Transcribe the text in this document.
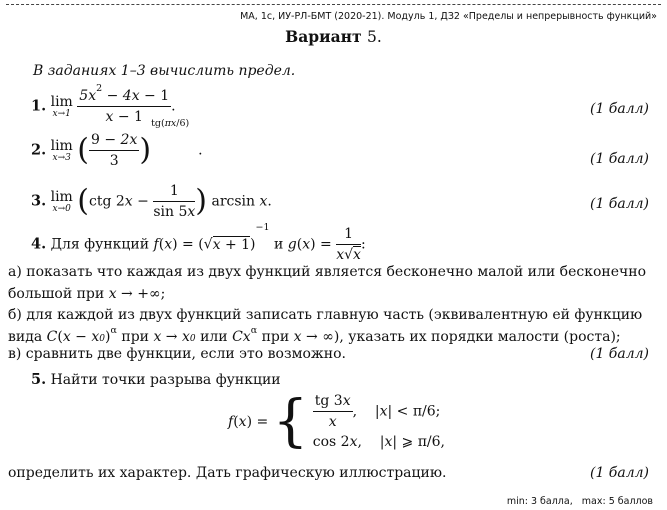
МА, 1с, ИУ-РЛ-БМТ (2020-21). Модуль 1, ДЗ2 «Пределы и непрерывность функций»
Вариант 5.
В заданиях 1–3 вычислить предел.
1. lim
x→1
$\frac{5x^2 - 4x - 1}{x - 1}$ .	(1 балл)
2. lim
x→3 ( $\frac{9 - 2x}{3} )^{tg(\pi x/6)}$  .
(1 балл)
3. lim
x→0 (ctg $2x - \frac{1}{\sin 5x}$ ) arcsin x.	(1 балл)
4. Для функций $f(x) = (√x + 1)^{-1}$ и $g(x) = \frac{1}{x√x}$ :
а) показать что каждая из двух функций является бесконечно малой или бесконечно
большой при x → +∞;
б) для каждой из двух функций записать главную часть (эквивалентную ей функцию
вида $C(x - x0)^\alpha$ при x → x0 или $Cx^\alpha$ при x → ∞), указать их порядки малости (роста);
в) сравнить две функции, если это возможно.	(1 балл)
5. Найти точки разрыва функции
f(x) = { $\frac{tg 3x}{x}$ ,    |x| < π/6;
cos 2x,    |x| ⩾ π/6,
определить их характер. Дать графическую иллюстрацию.	(1 балл)
min: 3 балла, max: 5 баллов
